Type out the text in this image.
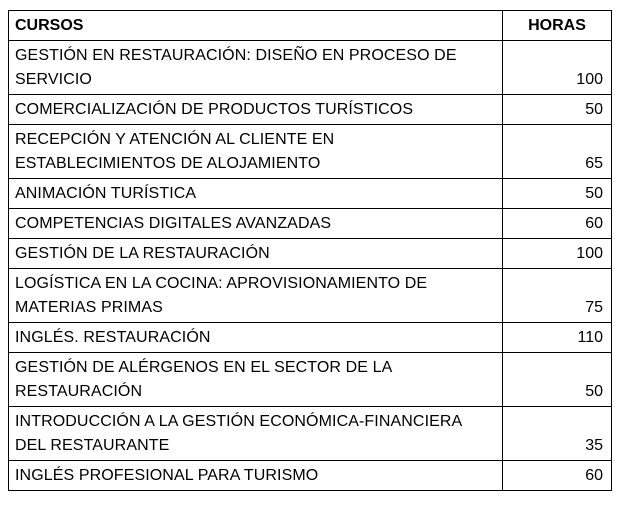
CURSOS	HORAS
GESTIÓN EN RESTAURACIÓN: DISEÑO EN PROCESO DE SERVICIO	100
COMERCIALIZACIÓN DE PRODUCTOS TURÍSTICOS	50
RECEPCIÓN Y ATENCIÓN AL CLIENTE EN ESTABLECIMIENTOS DE ALOJAMIENTO	65
ANIMACIÓN TURÍSTICA	50
COMPETENCIAS DIGITALES AVANZADAS	60
GESTIÓN DE LA RESTAURACIÓN	100
LOGÍSTICA EN LA COCINA: APROVISIONAMIENTO DE MATERIAS PRIMAS	75
INGLÉS. RESTAURACIÓN	110
GESTIÓN DE ALÉRGENOS EN EL SECTOR DE LA RESTAURACIÓN	50
INTRODUCCIÓN A LA GESTIÓN ECONÓMICA-FINANCIERA DEL RESTAURANTE	35
INGLÉS PROFESIONAL PARA TURISMO	60
